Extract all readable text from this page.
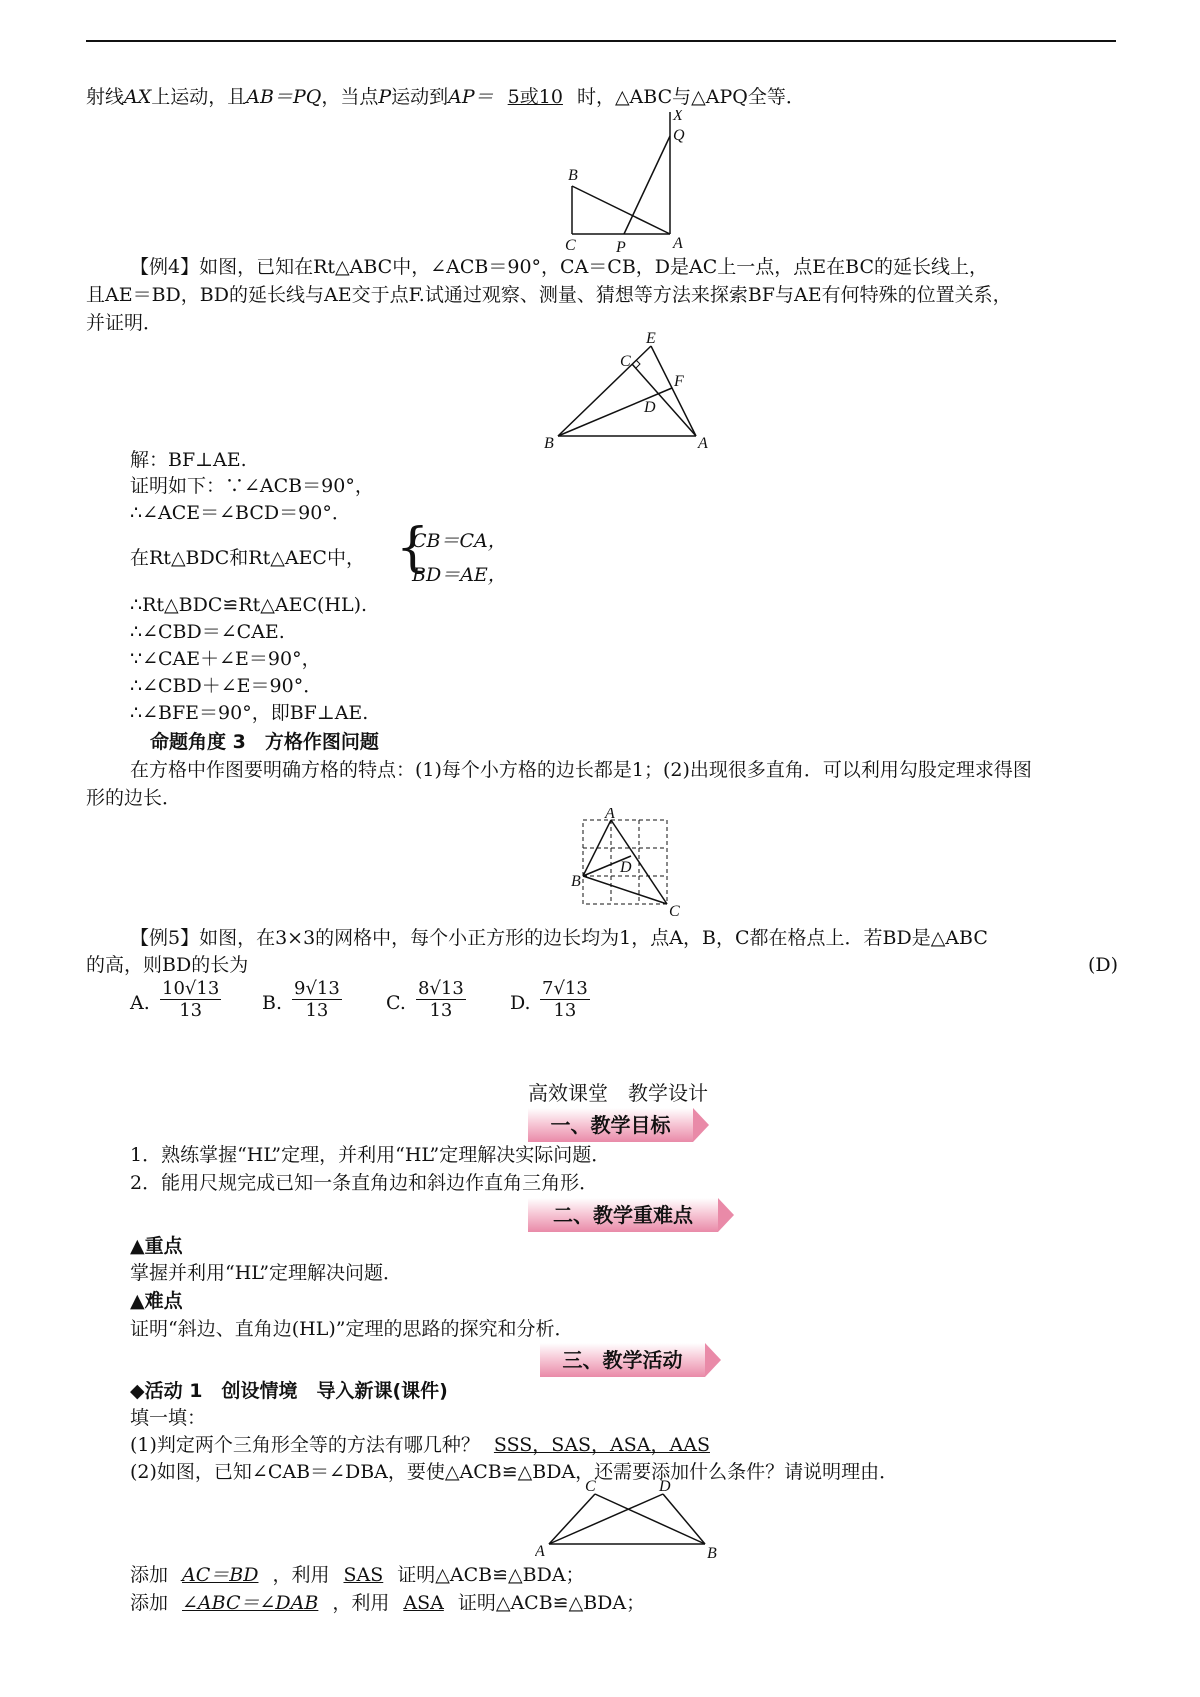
射线AX上运动，且AB＝PQ，当点P运动到AP＝ 5或10 时，△ABC与△APQ全等．
X
Q
B
C	P	A
【例4】如图，已知在Rt△ABC中，∠ACB＝90°，CA＝CB，D是AC上一点，点E在BC的延长线上，
且AE＝BD，BD的延长线与AE交于点F.试通过观察、测量、猜想等方法来探索BF与AE有何特殊的位置关系，
并证明．
E
C
F
D
B	A
解：BF⊥AE.
证明如下：∵∠ACB＝90°，
∴∠ACE＝∠BCD＝90°．
在Rt△BDC和Rt△AEC中， {
CB＝CA，
BD＝AE，
∴Rt△BDC≌Rt△AEC(HL).
∴∠CBD＝∠CAE.
∵∠CAE＋∠E＝90°，
∴∠CBD＋∠E＝90°．
∴∠BFE＝90°，即BF⊥AE.
命题角度 3　方格作图问题
在方格中作图要明确方格的特点：(1)每个小方格的边长都是1；(2)出现很多直角．可以利用勾股定理求得图
形的边长．
A
D
B
C
【例5】如图，在3×3的网格中，每个小正方形的边长均为1，点A，B，C都在格点上．若BD是△ABC
的高，则BD的长为	(D)
A. $\frac{10√13}{13} B$. $\frac{9√13}{13} C$. $\frac{8√13}{13} D$. $\frac{7√13}{13}$
高效课堂　教学设计
一、教学目标
1．熟练掌握“HL”定理，并利用“HL”定理解决实际问题．
2．能用尺规完成已知一条直角边和斜边作直角三角形．
二、教学重难点
▲重点
掌握并利用“HL”定理解决问题．
▲难点
证明“斜边、直角边(HL)”定理的思路的探究和分析．
三、教学活动
◆活动 1　创设情境　导入新课(课件)
填一填：
(1)判定两个三角形全等的方法有哪几种？ SSS，SAS，ASA，AAS
(2)如图，已知∠CAB＝∠DBA，要使△ACB≌△BDA，还需要添加什么条件？请说明理由．
C	D
A	B
添加 AC＝BD ，利用 SAS 证明△ACB≌△BDA；
添加 ∠ABC＝∠DAB ，利用 ASA 证明△ACB≌△BDA；
